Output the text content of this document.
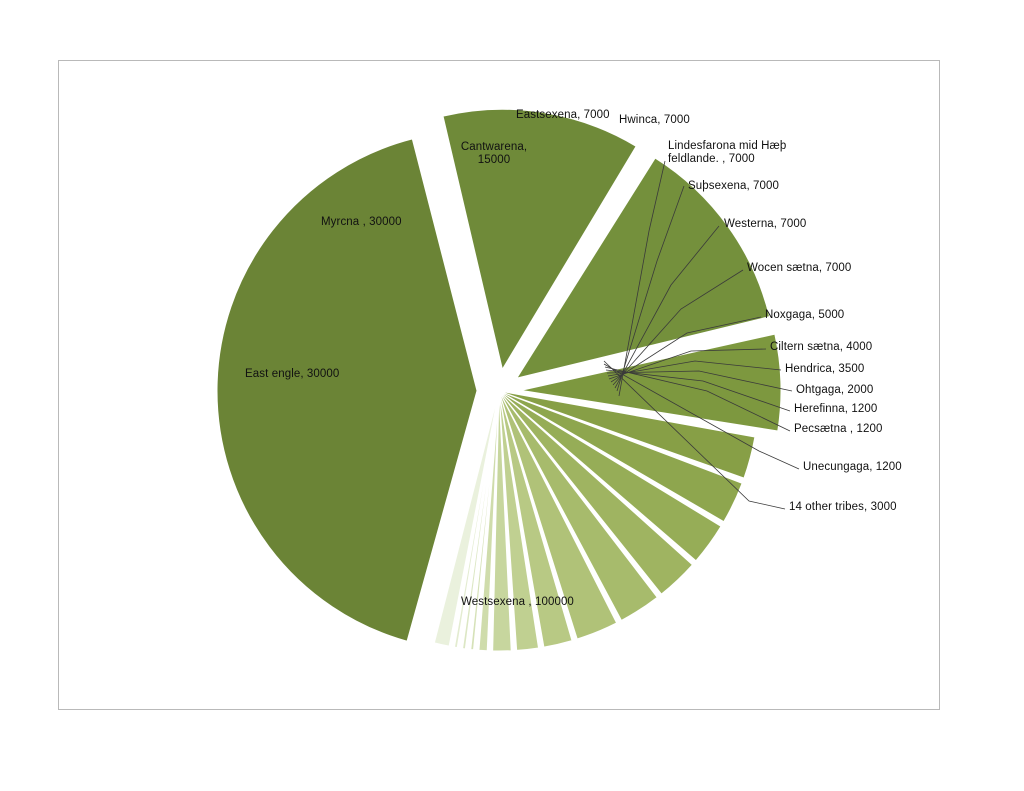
Cantwarena, 15000
Myrcna , 30000
East engle, 30000
Westsexena , 100000
Eastsexena, 7000 Hwinca, 7000
Lindesfarona mid Hæþ feldlande. , 7000
Suþsexena, 7000
Westerna, 7000
Wocen sætna, 7000
Noxgaga, 5000
Ciltern sætna, 4000
Hendrica, 3500
Ohtgaga, 2000
Herefinna, 1200
Pecsætna , 1200
Unecungaga, 1200
14 other tribes, 3000
